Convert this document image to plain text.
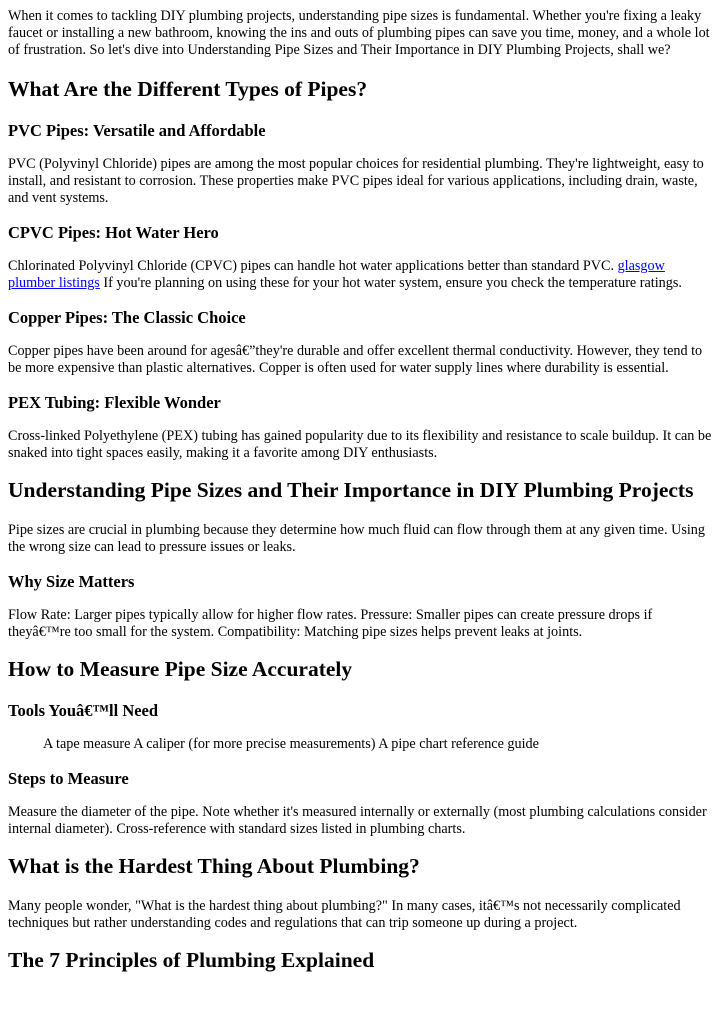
When it comes to tackling DIY plumbing projects, understanding pipe sizes is fundamental. Whether you're fixing a leaky faucet or installing a new bathroom, knowing the ins and outs of plumbing pipes can save you time, money, and a whole lot of frustration. So let's dive into Understanding Pipe Sizes and Their Importance in DIY Plumbing Projects, shall we?

What Are the Different Types of Pipes?
PVC Pipes: Versatile and Affordable

PVC (Polyvinyl Chloride) pipes are among the most popular choices for residential plumbing. They're lightweight, easy to install, and resistant to corrosion. These properties make PVC pipes ideal for various applications, including drain, waste, and vent systems.

CPVC Pipes: Hot Water Hero

Chlorinated Polyvinyl Chloride (CPVC) pipes can handle hot water applications better than standard PVC. glasgow plumber listings If you're planning on using these for your hot water system, ensure you check the temperature ratings.

Copper Pipes: The Classic Choice

Copper pipes have been around for agesâ€”they're durable and offer excellent thermal conductivity. However, they tend to be more expensive than plastic alternatives. Copper is often used for water supply lines where durability is essential.

PEX Tubing: Flexible Wonder

Cross-linked Polyethylene (PEX) tubing has gained popularity due to its flexibility and resistance to scale buildup. It can be snaked into tight spaces easily, making it a favorite among DIY enthusiasts.

Understanding Pipe Sizes and Their Importance in DIY Plumbing Projects

Pipe sizes are crucial in plumbing because they determine how much fluid can flow through them at any given time. Using the wrong size can lead to pressure issues or leaks.

Why Size Matters

Flow Rate: Larger pipes typically allow for higher flow rates. Pressure: Smaller pipes can create pressure drops if theyâ€™re too small for the system. Compatibility: Matching pipe sizes helps prevent leaks at joints.

How to Measure Pipe Size Accurately
Tools Youâ€™ll Need
A tape measure A caliper (for more precise measurements) A pipe chart reference guide
Steps to Measure

Measure the diameter of the pipe. Note whether it's measured internally or externally (most plumbing calculations consider internal diameter). Cross-reference with standard sizes listed in plumbing charts.

What is the Hardest Thing About Plumbing?

Many people wonder, "What is the hardest thing about plumbing?" In many cases, itâ€™s not necessarily complicated techniques but rather understanding codes and regulations that can trip someone up during a project.

The 7 Principles of Plumbing Explained
